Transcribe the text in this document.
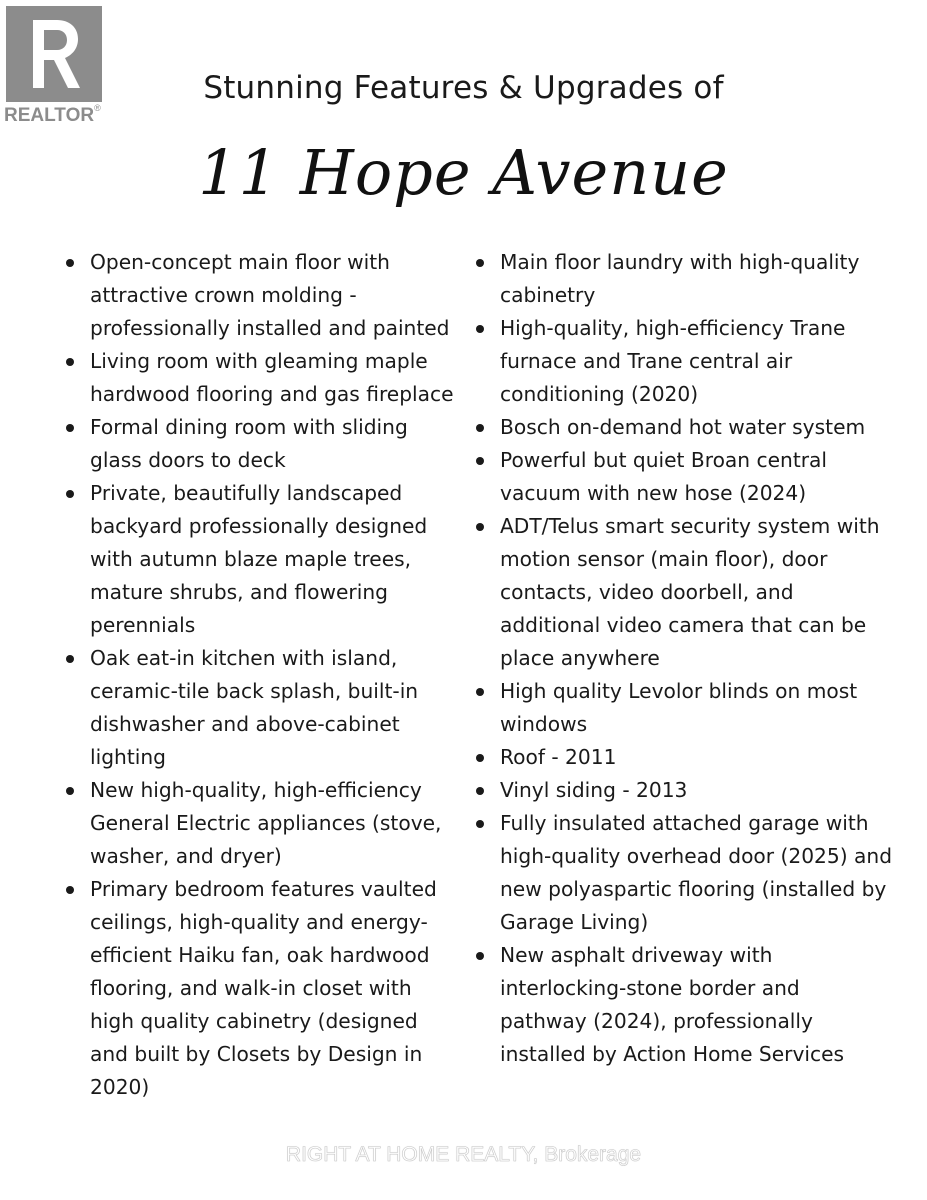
REALTOR®
Stunning Features & Upgrades of
11 Hope Avenue
Open-concept main floor with attractive crown molding - professionally installed and painted
Living room with gleaming maple hardwood flooring and gas fireplace
Formal dining room with sliding glass doors to deck
Private, beautifully landscaped backyard professionally designed with autumn blaze maple trees, mature shrubs, and flowering perennials
Oak eat-in kitchen with island, ceramic-tile back splash, built-in dishwasher and above-cabinet lighting
New high-quality, high-efficiency General Electric appliances (stove, washer, and dryer)
Primary bedroom features vaulted ceilings, high-quality and energy-efficient Haiku fan, oak hardwood flooring, and walk-in closet with high quality cabinetry (designed and built by Closets by Design in 2020)
Main floor laundry with high-quality cabinetry
High-quality, high-efficiency Trane furnace and Trane central air conditioning (2020)
Bosch on-demand hot water system
Powerful but quiet Broan central vacuum with new hose (2024)
ADT/Telus smart security system with motion sensor (main floor), door contacts, video doorbell, and additional video camera that can be place anywhere
High quality Levolor blinds on most windows
Roof - 2011
Vinyl siding - 2013
Fully insulated attached garage with high-quality overhead door (2025) and new polyaspartic flooring (installed by Garage Living)
New asphalt driveway with interlocking-stone border and pathway (2024), professionally installed by Action Home Services
RIGHT AT HOME REALTY, Brokerage
